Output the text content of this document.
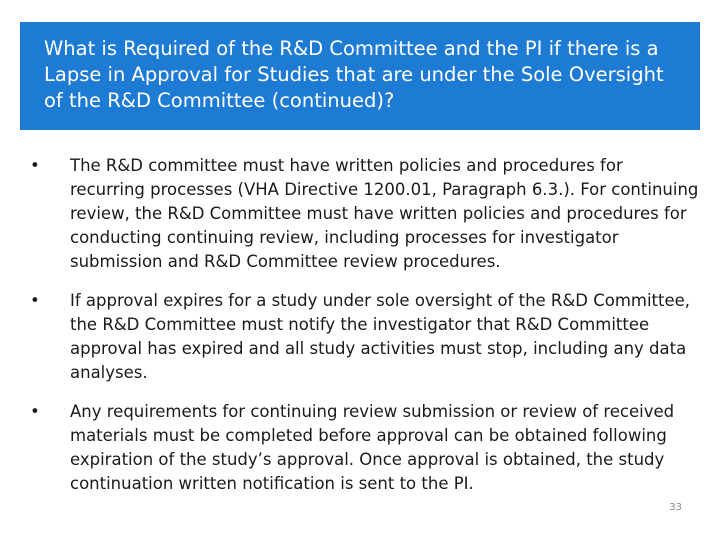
What is Required of the R&D Committee and the PI if there is a Lapse in Approval for Studies that are under the Sole Oversight of the R&D Committee (continued)?
• The R&D committee must have written policies and procedures for recurring processes (VHA Directive 1200.01, Paragraph 6.3.). For continuing review, the R&D Committee must have written policies and procedures for conducting continuing review, including processes for investigator submission and R&D Committee review procedures.
• If approval expires for a study under sole oversight of the R&D Committee, the R&D Committee must notify the investigator that R&D Committee approval has expired and all study activities must stop, including any data analyses.
• Any requirements for continuing review submission or review of received materials must be completed before approval can be obtained following expiration of the study’s approval. Once approval is obtained, the study continuation written notification is sent to the PI.
33
